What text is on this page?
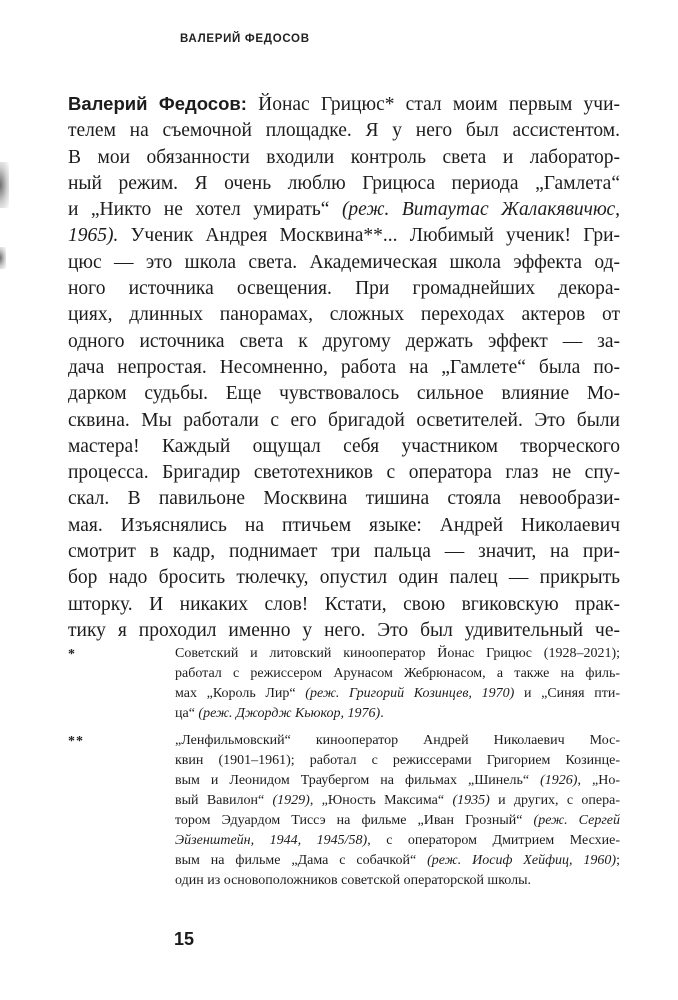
ВАЛЕРИЙ ФЕДОСОВ
Валерий Федосов: Йонас Грицюс* стал моим первым учи-
телем на съемочной площадке. Я у него был ассистентом.
В мои обязанности входили контроль света и лаборатор-
ный режим. Я очень люблю Грицюса периода „Гамлета“
и „Никто не хотел умирать“ (реж. Витаутас Жалакявичюс,
1965). Ученик Андрея Москвина**... Любимый ученик! Гри-
цюс — это школа света. Академическая школа эффекта од-
ного источника освещения. При громаднейших декора-
циях, длинных панорамах, сложных переходах актеров от
одного источника света к другому держать эффект — за-
дача непростая. Несомненно, работа на „Гамлете“ была по-
дарком судьбы. Еще чувствовалось сильное влияние Мо-
сквина. Мы работали с его бригадой осветителей. Это были
мастера! Каждый ощущал себя участником творческого
процесса. Бригадир светотехников с оператора глаз не спу-
скал. В павильоне Москвина тишина стояла невообрази-
мая. Изъяснялись на птичьем языке: Андрей Николаевич
смотрит в кадр, поднимает три пальца — значит, на при-
бор надо бросить тюлечку, опустил один палец — прикрыть
шторку. И никаких слов! Кстати, свою вгиковскую прак-
тику я проходил именно у него. Это был удивительный че-
*	Советский и литовский кинооператор Йонас Грицюс (1928–2021);
работал с режиссером Арунасом Жебрюнасом, а также на филь-
мах „Король Лир“ (реж. Григорий Козинцев, 1970) и „Синяя пти-
ца“ (реж. Джордж Кьюкор, 1976).
**	„Ленфильмовский“ кинооператор Андрей Николаевич Мос-
квин (1901–1961); работал с режиссерами Григорием Козинце-
вым и Леонидом Траубергом на фильмах „Шинель“ (1926), „Но-
вый Вавилон“ (1929), „Юность Максима“ (1935) и других, с опера-
тором Эдуардом Тиссэ на фильме „Иван Грозный“ (реж. Сергей
Эйзенштейн, 1944, 1945/58), с оператором Дмитрием Месхие-
вым на фильме „Дама с собачкой“ (реж. Иосиф Хейфиц, 1960);
один из основоположников советской операторской школы.
15
